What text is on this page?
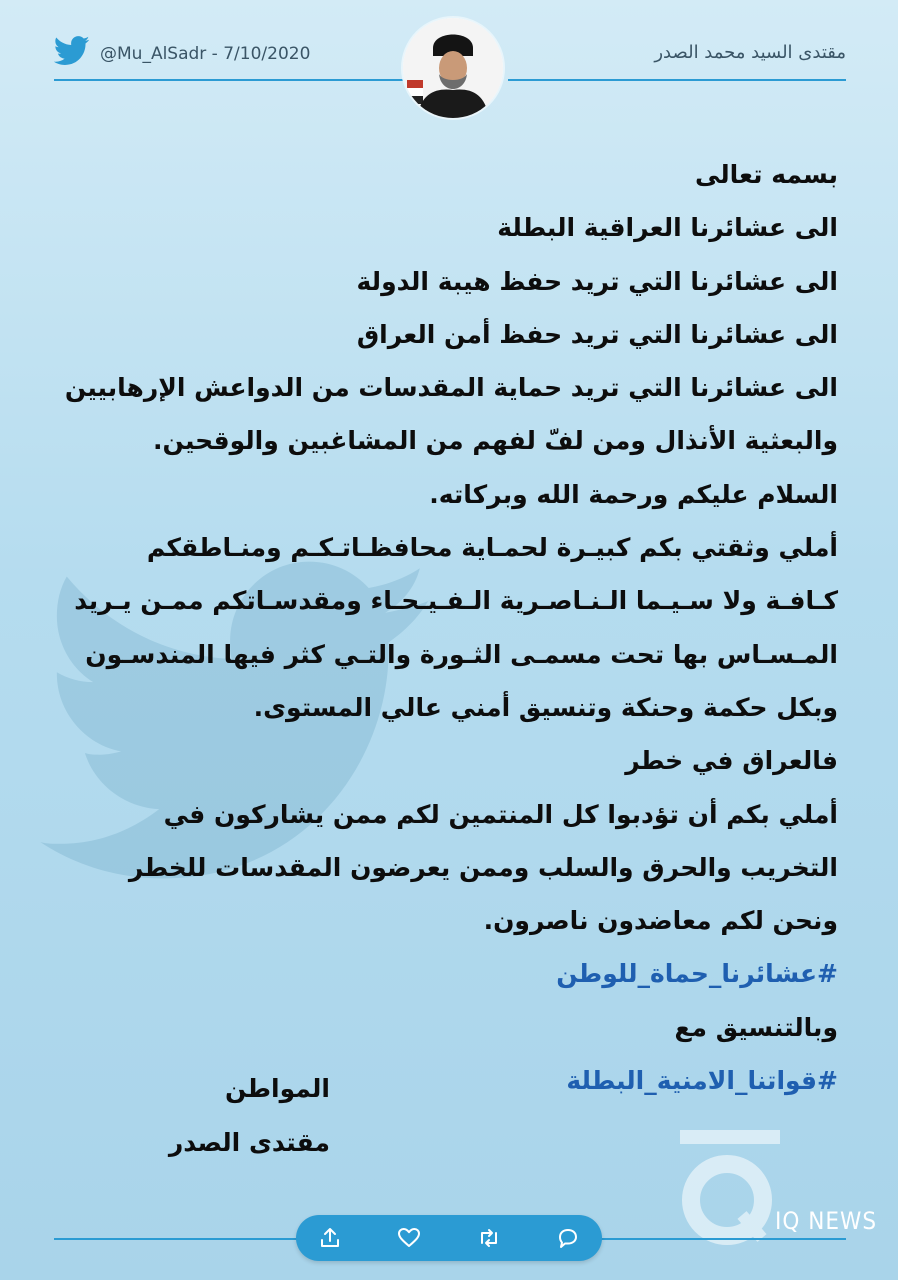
@Mu_AlSadr - 7/10/2020	مقتدى السيد محمد الصدر
بسمه تعالى
الى عشائرنا العراقية البطلة
الى عشائرنا التي تريد حفظ هيبة الدولة
الى عشائرنا التي تريد حفظ أمن العراق
الى عشائرنا التي تريد حماية المقدسات من الدواعش الإرهابيين
والبعثية الأنذال ومن لفّ لفهم من المشاغبين والوقحين.
السلام عليكم ورحمة الله وبركاته.
أملي وثقتي بكم كبيـرة لحمـاية محافظـاتـكـم ومنـاطقكم
كـافـة ولا سـيـما الـنـاصـرية الـفـيـحـاء ومقدسـاتكم ممـن يـريد
المـسـاس بها تحت مسمـى الثـورة والتـي كثر فيها المندسـون
وبكل حكمة وحنكة وتنسيق أمني عالي المستوى.
فالعراق في خطر
أملي بكم أن تؤدبوا كل المنتمين لكم ممن يشاركون في
التخريب والحرق والسلب وممن يعرضون المقدسات للخطر
ونحن لكم معاضدون ناصرون.
#عشائرنا_حماة_للوطن
وبالتنسيق مع
#قواتنا_الامنية_البطلة
المواطن
مقتدى الصدر
IQ NEWS
